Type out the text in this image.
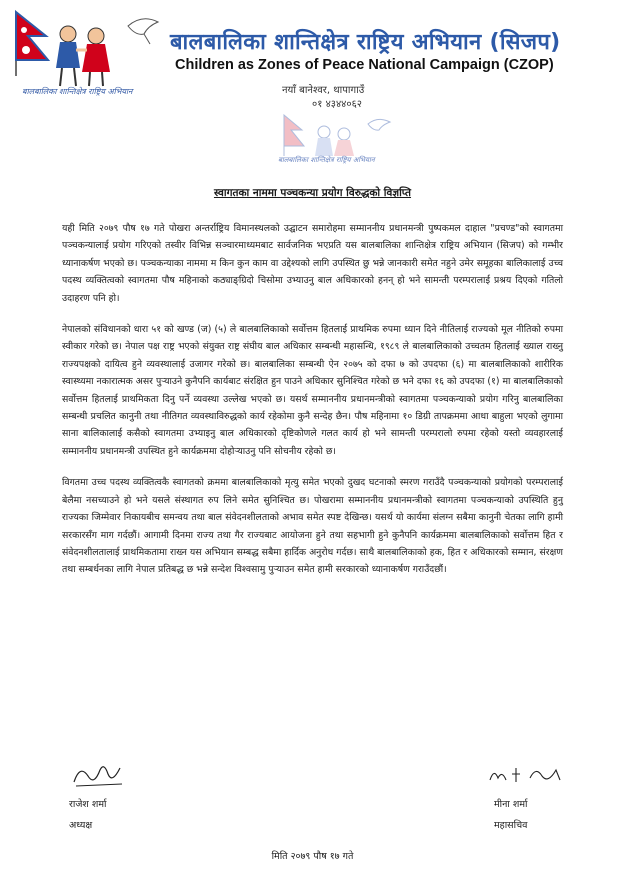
बालबालिका शान्तिक्षेत्र राष्ट्रिय अभियान
बालबालिका शान्तिक्षेत्र राष्ट्रिय अभियान (सिजप)
Children as Zones of Peace National Campaign (CZOP)
नयाँ बानेश्वर, थापागाउँ
०१ ४३४४०६२
बालबालिका शान्तिक्षेत्र राष्ट्रिय अभियान
स्वागतका नाममा पञ्चकन्या प्रयोग विरुद्धको विज्ञप्ति

यही मिति २०७९ पौष १७ गते पोखरा अन्तर्राष्ट्रिय विमानस्थलको उद्घाटन समारोहमा सम्माननीय प्रधानमन्त्री पुष्पकमल दाहाल "प्रचण्ड"को स्वागतमा पञ्चकन्यालाई प्रयोग गरिएको तस्वीर विभिन्न सञ्चारमाध्यमबाट सार्वजनिक भएप्रति यस बालबालिका शान्तिक्षेत्र राष्ट्रिय अभियान (सिजप) को गम्भीर ध्यानाकर्षण भएको छ। पञ्चकन्याका नाममा म किन कुन काम वा उद्देश्यको लागि उपस्थित छु भन्ने जानकारी समेत नहुने उमेर समूहका बालिकालाई उच्च पदस्थ व्यक्तित्वको स्वागतमा पौष महिनाको कठ्याङ्ग्रिदो चिसोमा उभ्याउनु बाल अधिकारको हनन् हो भने सामन्ती परम्परालाई प्रश्रय दिएको गतिलो उदाहरण पनि हो।

नेपालको संविधानको धारा ५१ को खण्ड (ज) (५) ले बालबालिकाको सर्वोत्तम हितलाई प्राथमिक रुपमा ध्यान दिने नीतिलाई राज्यको मूल नीतिको रुपमा स्वीकार गरेको छ। नेपाल पक्ष राष्ट्र भएको संयुक्त राष्ट्र संघीय बाल अधिकार सम्बन्धी महासन्धि, १९८९ ले बालबालिकाको उच्चतम हितलाई ख्याल राख्नु राज्यपक्षको दायित्व हुने व्यवस्थालाई उजागर गरेको छ। बालबालिका सम्बन्धी ऐन २०७५ को दफा ७ को उपदफा (६) मा बालबालिकाको शारीरिक स्वास्थ्यमा नकारात्मक असर पुर्‍याउने कुनैपनि कार्यबाट संरक्षित हुन पाउने अधिकार सुनिश्चित गरेको छ भने दफा १६ को उपदफा (१) मा बालबालिकाको सर्वोत्तम हितलाई प्राथमिकता दिनु पर्ने व्यवस्था उल्लेख भएको छ। यसर्थ सम्माननीय प्रधानमन्त्रीको स्वागतमा पञ्चकन्याको प्रयोग गरिनु बालबालिका सम्बन्धी प्रचलित कानुनी तथा नीतिगत व्यवस्थाविरुद्धको कार्य रहेकोमा कुनै सन्देह छैन। पौष महिनामा १० डिग्री तापक्रममा आधा बाहुला भएको लुगामा साना बालिकालाई कसैको स्वागतमा उभ्याइनु बाल अधिकारको दृष्टिकोणले गलत कार्य हो भने सामन्ती परम्परालो रुपमा रहेको यस्तो व्यवहारलाई सम्माननीय प्रधानमन्त्री उपस्थित हुने कार्यक्रममा दोहोर्‍याउनु पनि सोचनीय रहेको छ।

विगतमा उच्च पदस्थ व्यक्तित्वकै स्वागतको क्रममा बालबालिकाको मृत्यु समेत भएको दुखद घटनाको स्मरण गराउँदै पञ्चकन्याको प्रयोगको परम्परालाई बेलैमा नसच्याउने हो भने यसले संस्थागत रुप लिने समेत सुनिश्चित छ। पोखरामा सम्माननीय प्रधानमन्त्रीको स्वागतमा पञ्चकन्याको उपस्थिति हुनु राज्यका जिम्मेवार निकायबीच समन्वय तथा बाल संवेदनशीलताको अभाव समेत स्पष्ट देखिन्छ। यसर्थ यो कार्यमा संलग्न सबैमा कानुनी चेतका लागि हामी सरकारसँग माग गर्दछौं। आगामी दिनमा राज्य तथा गैर राज्यबाट आयोजना हुने तथा सहभागी हुने कुनैपनि कार्यक्रममा बालबालिकाको सर्वोत्तम हित र संवेदनशीलतालाई प्राथमिकतामा राख्न यस अभियान सम्बद्ध सबैमा हार्दिक अनुरोध गर्दछ। साथै बालबालिकाको हक, हित र अधिकारको सम्मान, संरक्षण तथा सम्बर्धनका लागि नेपाल प्रतिबद्ध छ भन्ने सन्देश विश्वसामु पुर्‍याउन समेत हामी सरकारको ध्यानाकर्षण गराउँदछौं।

राजेश शर्मा
अध्यक्ष
मीना शर्मा
महासचिव
मिति २०७९ पौष १७ गते
